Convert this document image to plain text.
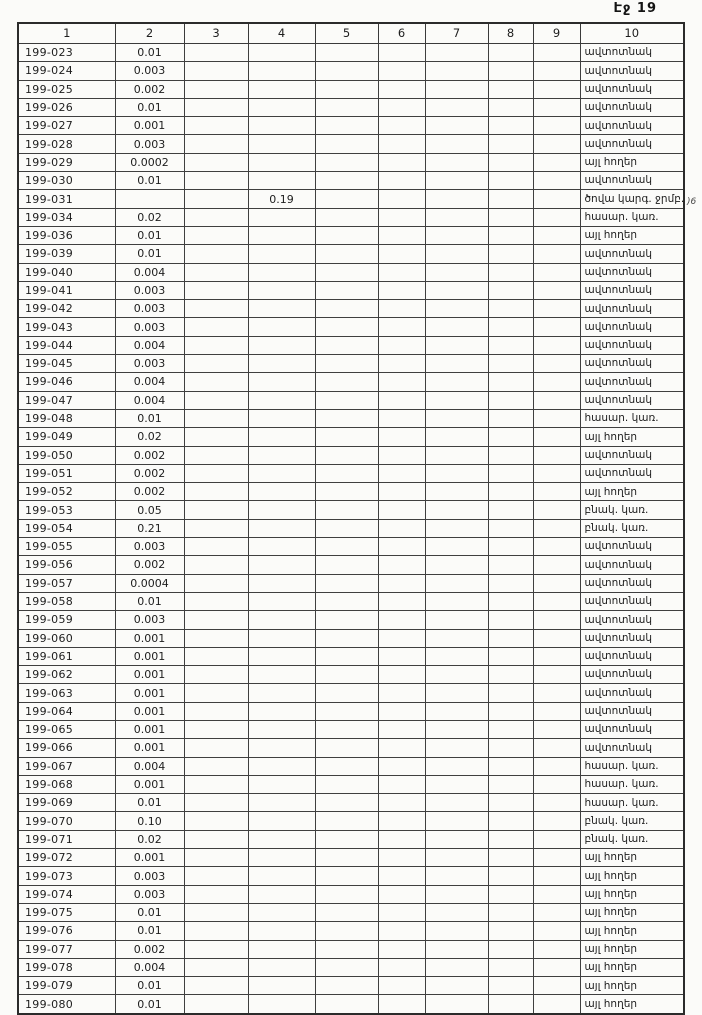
Էջ 19
1	2	3	4	5	6	7	8	9	10
199-023	0.01								ավտոտնակ
199-024	0.003								ավտոտնակ
199-025	0.002								ավտոտնակ
199-026	0.01								ավտոտնակ
199-027	0.001								ավտոտնակ
199-028	0.003								ավտոտնակ
199-029	0.0002								այլ հողեր
199-030	0.01								ավտոտնակ
199-031			0.19						ծովա կարգ. ջրմբ.
199-034	0.02								հասար. կառ.
199-036	0.01								այլ հողեր
199-039	0.01								ավտոտնակ
199-040	0.004								ավտոտնակ
199-041	0.003								ավտոտնակ
199-042	0.003								ավտոտնակ
199-043	0.003								ավտոտնակ
199-044	0.004								ավտոտնակ
199-045	0.003								ավտոտնակ
199-046	0.004								ավտոտնակ
199-047	0.004								ավտոտնակ
199-048	0.01								հասար. կառ.
199-049	0.02								այլ հողեր
199-050	0.002								ավտոտնակ
199-051	0.002								ավտոտնակ
199-052	0.002								այլ հողեր
199-053	0.05								բնակ. կառ.
199-054	0.21								բնակ. կառ.
199-055	0.003								ավտոտնակ
199-056	0.002								ավտոտնակ
199-057	0.0004								ավտոտնակ
199-058	0.01								ավտոտնակ
199-059	0.003								ավտոտնակ
199-060	0.001								ավտոտնակ
199-061	0.001								ավտոտնակ
199-062	0.001								ավտոտնակ
199-063	0.001								ավտոտնակ
199-064	0.001								ավտոտնակ
199-065	0.001								ավտոտնակ
199-066	0.001								ավտոտնակ
199-067	0.004								հասար. կառ.
199-068	0.001								հասար. կառ.
199-069	0.01								հասար. կառ.
199-070	0.10								բնակ. կառ.
199-071	0.02								բնակ. կառ.
199-072	0.001								այլ հողեր
199-073	0.003								այլ հողեր
199-074	0.003								այլ հողեր
199-075	0.01								այլ հողեր
199-076	0.01								այլ հողեր
199-077	0.002								այլ հողեր
199-078	0.004								այլ հողեր
199-079	0.01								այլ հողեր
199-080	0.01								այլ հողեր
)6
